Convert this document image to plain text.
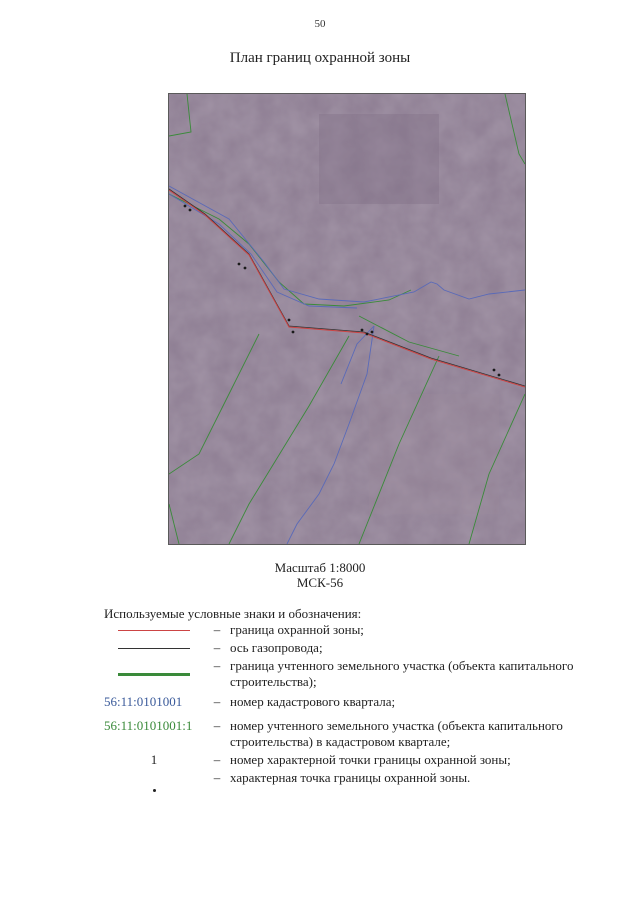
50
План границ охранной зоны
Масштаб 1:8000
МСК-56
Используемые условные знаки и обозначения:
– граница охранной зоны;
– ось газопровода;
– граница учтенного земельного участка (объекта капитального строительства);
56:11:0101001	– номер кадастрового квартала;
56:11:0101001:1	– номер учтенного земельного участка (объекта капитального строительства) в кадастровом квартале;
1	– номер характерной точки границы охранной зоны;
– характерная точка границы охранной зоны.
